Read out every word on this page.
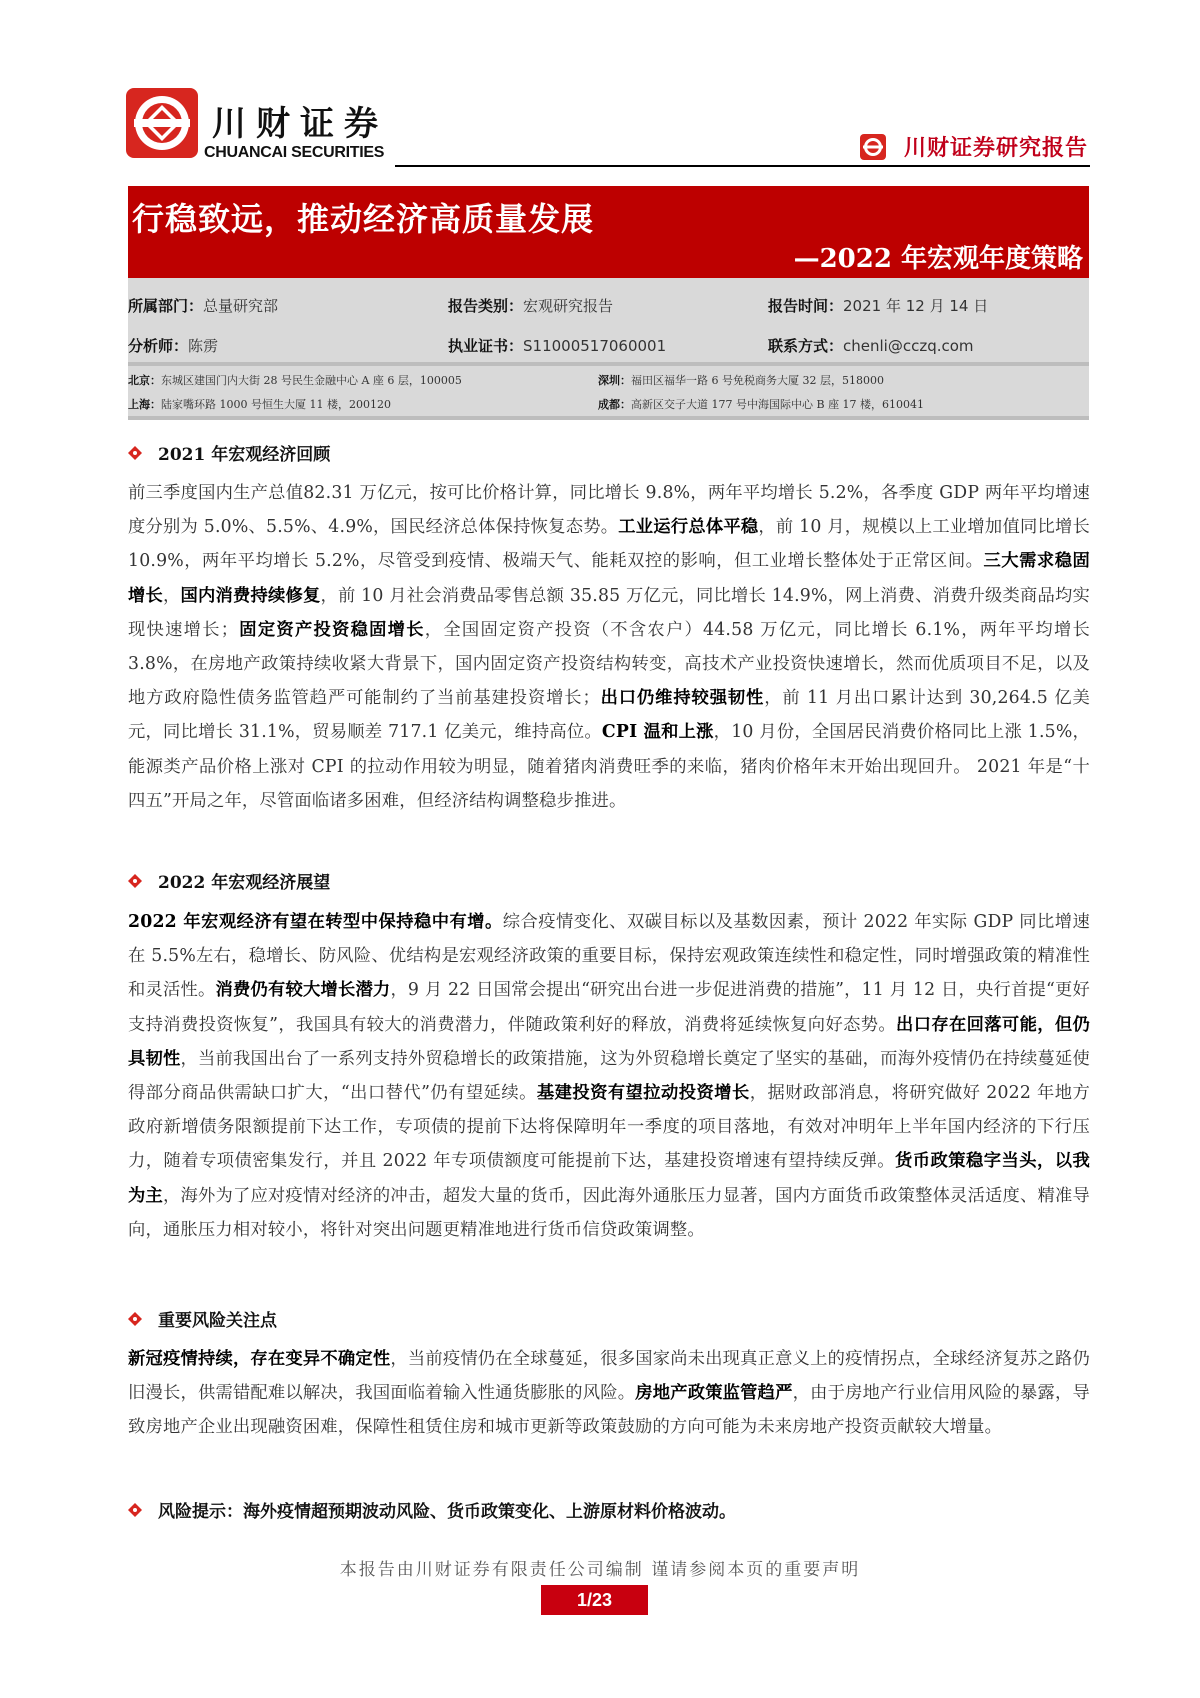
川财证券
CHUANCAI SECURITIES	川财证券研究报告
行稳致远，推动经济高质量发展
—2022 年宏观年度策略
所属部门：总量研究部	报告类别：宏观研究报告	报告时间：2021 年 12 月 14 日
分析师：陈雳	执业证书：S1100051706000‌1	联系方式：chenli@cczq.com
北京：东城区建国门内大街 28 号民生金融中心 A 座 6 层，100005	深圳：福田区福华一路 6 号免税商务大厦 32 层，518000
上海：陆家嘴环路 1000 号恒生大厦 11 楼，200120	成都：高新区交子大道 177 号中海国际中心 B 座 17 楼，610041
2021 年宏观经济回顾
前三季度国内生产总值82.31 万亿元，按可比价格计算，同比增长 9.8%，两年平均增长 5.2%，各季度 GDP 两年平均增速度分别为 5.0%、5.5%、4.9%，国民经济总体保持恢复态势。工业运行总体平稳，前 10 月，规模以上工业增加值同比增长 10.9%，两年平均增长 5.2%，尽管受到疫情、极端天气、能耗双控的影响，但工业增长整体处于正常区间。三大需求稳固增长，国内消费持续修复，前 10 月社会消费品零售总额 35.85 万亿元，同比增长 14.9%，网上消费、消费升级类商品均实现快速增长；固定资产投资稳固增长，全国固定资产投资（不含农户）44.58 万亿元，同比增长 6.1%，两年平均增长 3.8%，在房地产政策持续收紧大背景下，国内固定资产投资结构转变，高技术产业投资快速增长，然而优质项目不足，以及地方政府隐性债务监管趋严可能制约了当前基建投资增长；出口仍维持较强韧性，前 11 月出口累计达到 30,264.5 亿美元，同比增长 31.1%，贸易顺差 717.1 亿美元，维持高位。CPI 温和上涨，10 月份，全国居民消费价格同比上涨 1.5%，能源类产品价格上涨对 CPI 的拉动作用较为明显，随着猪肉消费旺季的来临，猪肉价格年末开始出现回升。 2021 年是“十四五”开局之年，尽管面临诸多困难，但经济结构调整稳步推进。
2022 年宏观经济展望
2022 年宏观经济有望在转型中保持稳中有增。综合疫情变化、双碳目标以及基数因素，预计 2022 年实际 GDP 同比增速在 5.5%左右，稳增长、防风险、优结构是宏观经济政策的重要目标，保持宏观政策连续性和稳定性，同时增强政策的精准性和灵活性。消费仍有较大增长潜力，9 月 22 日国常会提出“研究出台进一步促进消费的措施”，11 月 12 日，央行首提“更好支持消费投资恢复”，我国具有较大的消费潜力，伴随政策利好的释放，消费将延续恢复向好态势。出口存在回落可能，但仍具韧性，当前我国出台了一系列支持外贸稳增长的政策措施，这为外贸稳增长奠定了坚实的基础，而海外疫情仍在持续蔓延使得部分商品供需缺口扩大，“出口替代”仍有望延续。基建投资有望拉动投资增长，据财政部消息，将研究做好 2022 年地方政府新增债务限额提前下达工作，专项债的提前下达将保障明年一季度的项目落地，有效对冲明年上半年国内经济的下行压力，随着专项债密集发行，并且 2022 年专项债额度可能提前下达，基建投资增速有望持续反弹。货币政策稳字当头，以我为主，海外为了应对疫情对经济的冲击，超发大量的货币，因此海外通胀压力显著，国内方面货币政策整体灵活适度、精准导向，通胀压力相对较小，将针对突出问题更精准地进行货币信贷政策调整。
重要风险关注点
新冠疫情持续，存在变异不确定性，当前疫情仍在全球蔓延，很多国家尚未出现真正意义上的疫情拐点，全球经济复苏之路仍旧漫长，供需错配难以解决，我国面临着输入性通货膨胀的风险。房地产政策监管趋严，由于房地产行业信用风险的暴露，导致房地产企业出现融资困难，保障性租赁住房和城市更新等政策鼓励的方向可能为未来房地产投资贡献较大增量。
风险提示：海外疫情超预期波动风险、货币政策变化、上游原材料价格波动。
本报告由川财证券有限责任公司编制 谨请参阅本页的重要声明
1/23
